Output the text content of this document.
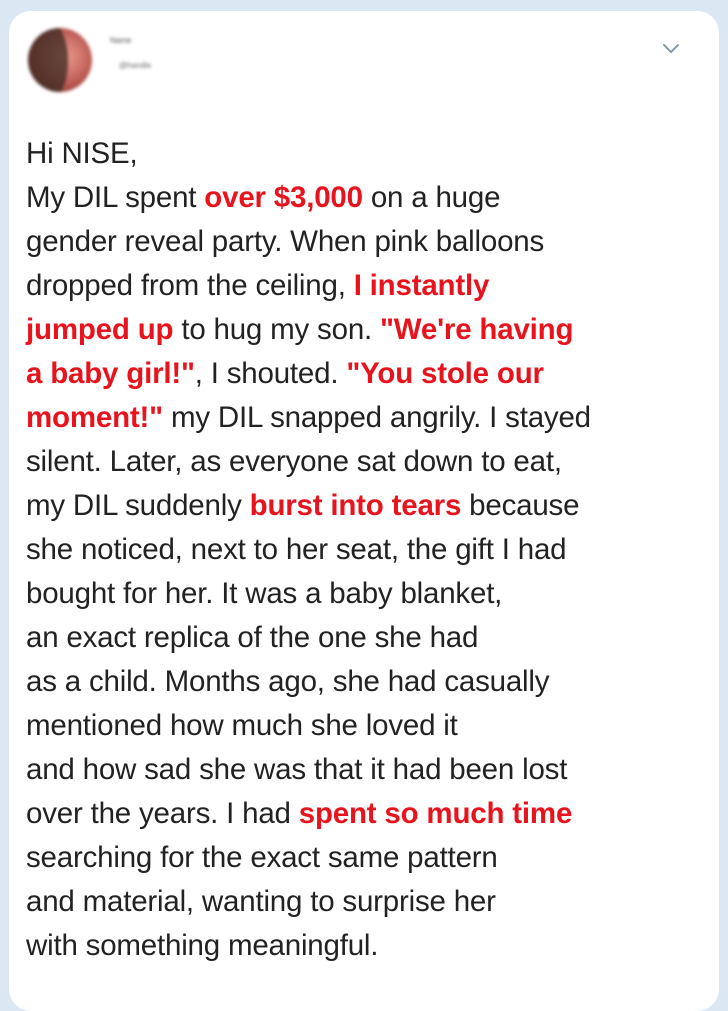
Name
@handle
Hi NISE,
My DIL spent over $3,000 on a huge
gender reveal party. When pink balloons
dropped from the ceiling, I instantly
jumped up to hug my son. "We're having
a baby girl!", I shouted. "You stole our
moment!" my DIL snapped angrily. I stayed
silent. Later, as everyone sat down to eat,
my DIL suddenly burst into tears because
she noticed, next to her seat, the gift I had
bought for her. It was a baby blanket,
an exact replica of the one she had
as a child. Months ago, she had casually
mentioned how much she loved it
and how sad she was that it had been lost
over the years. I had spent so much time
searching for the exact same pattern
and material, wanting to surprise her
with something meaningful.
